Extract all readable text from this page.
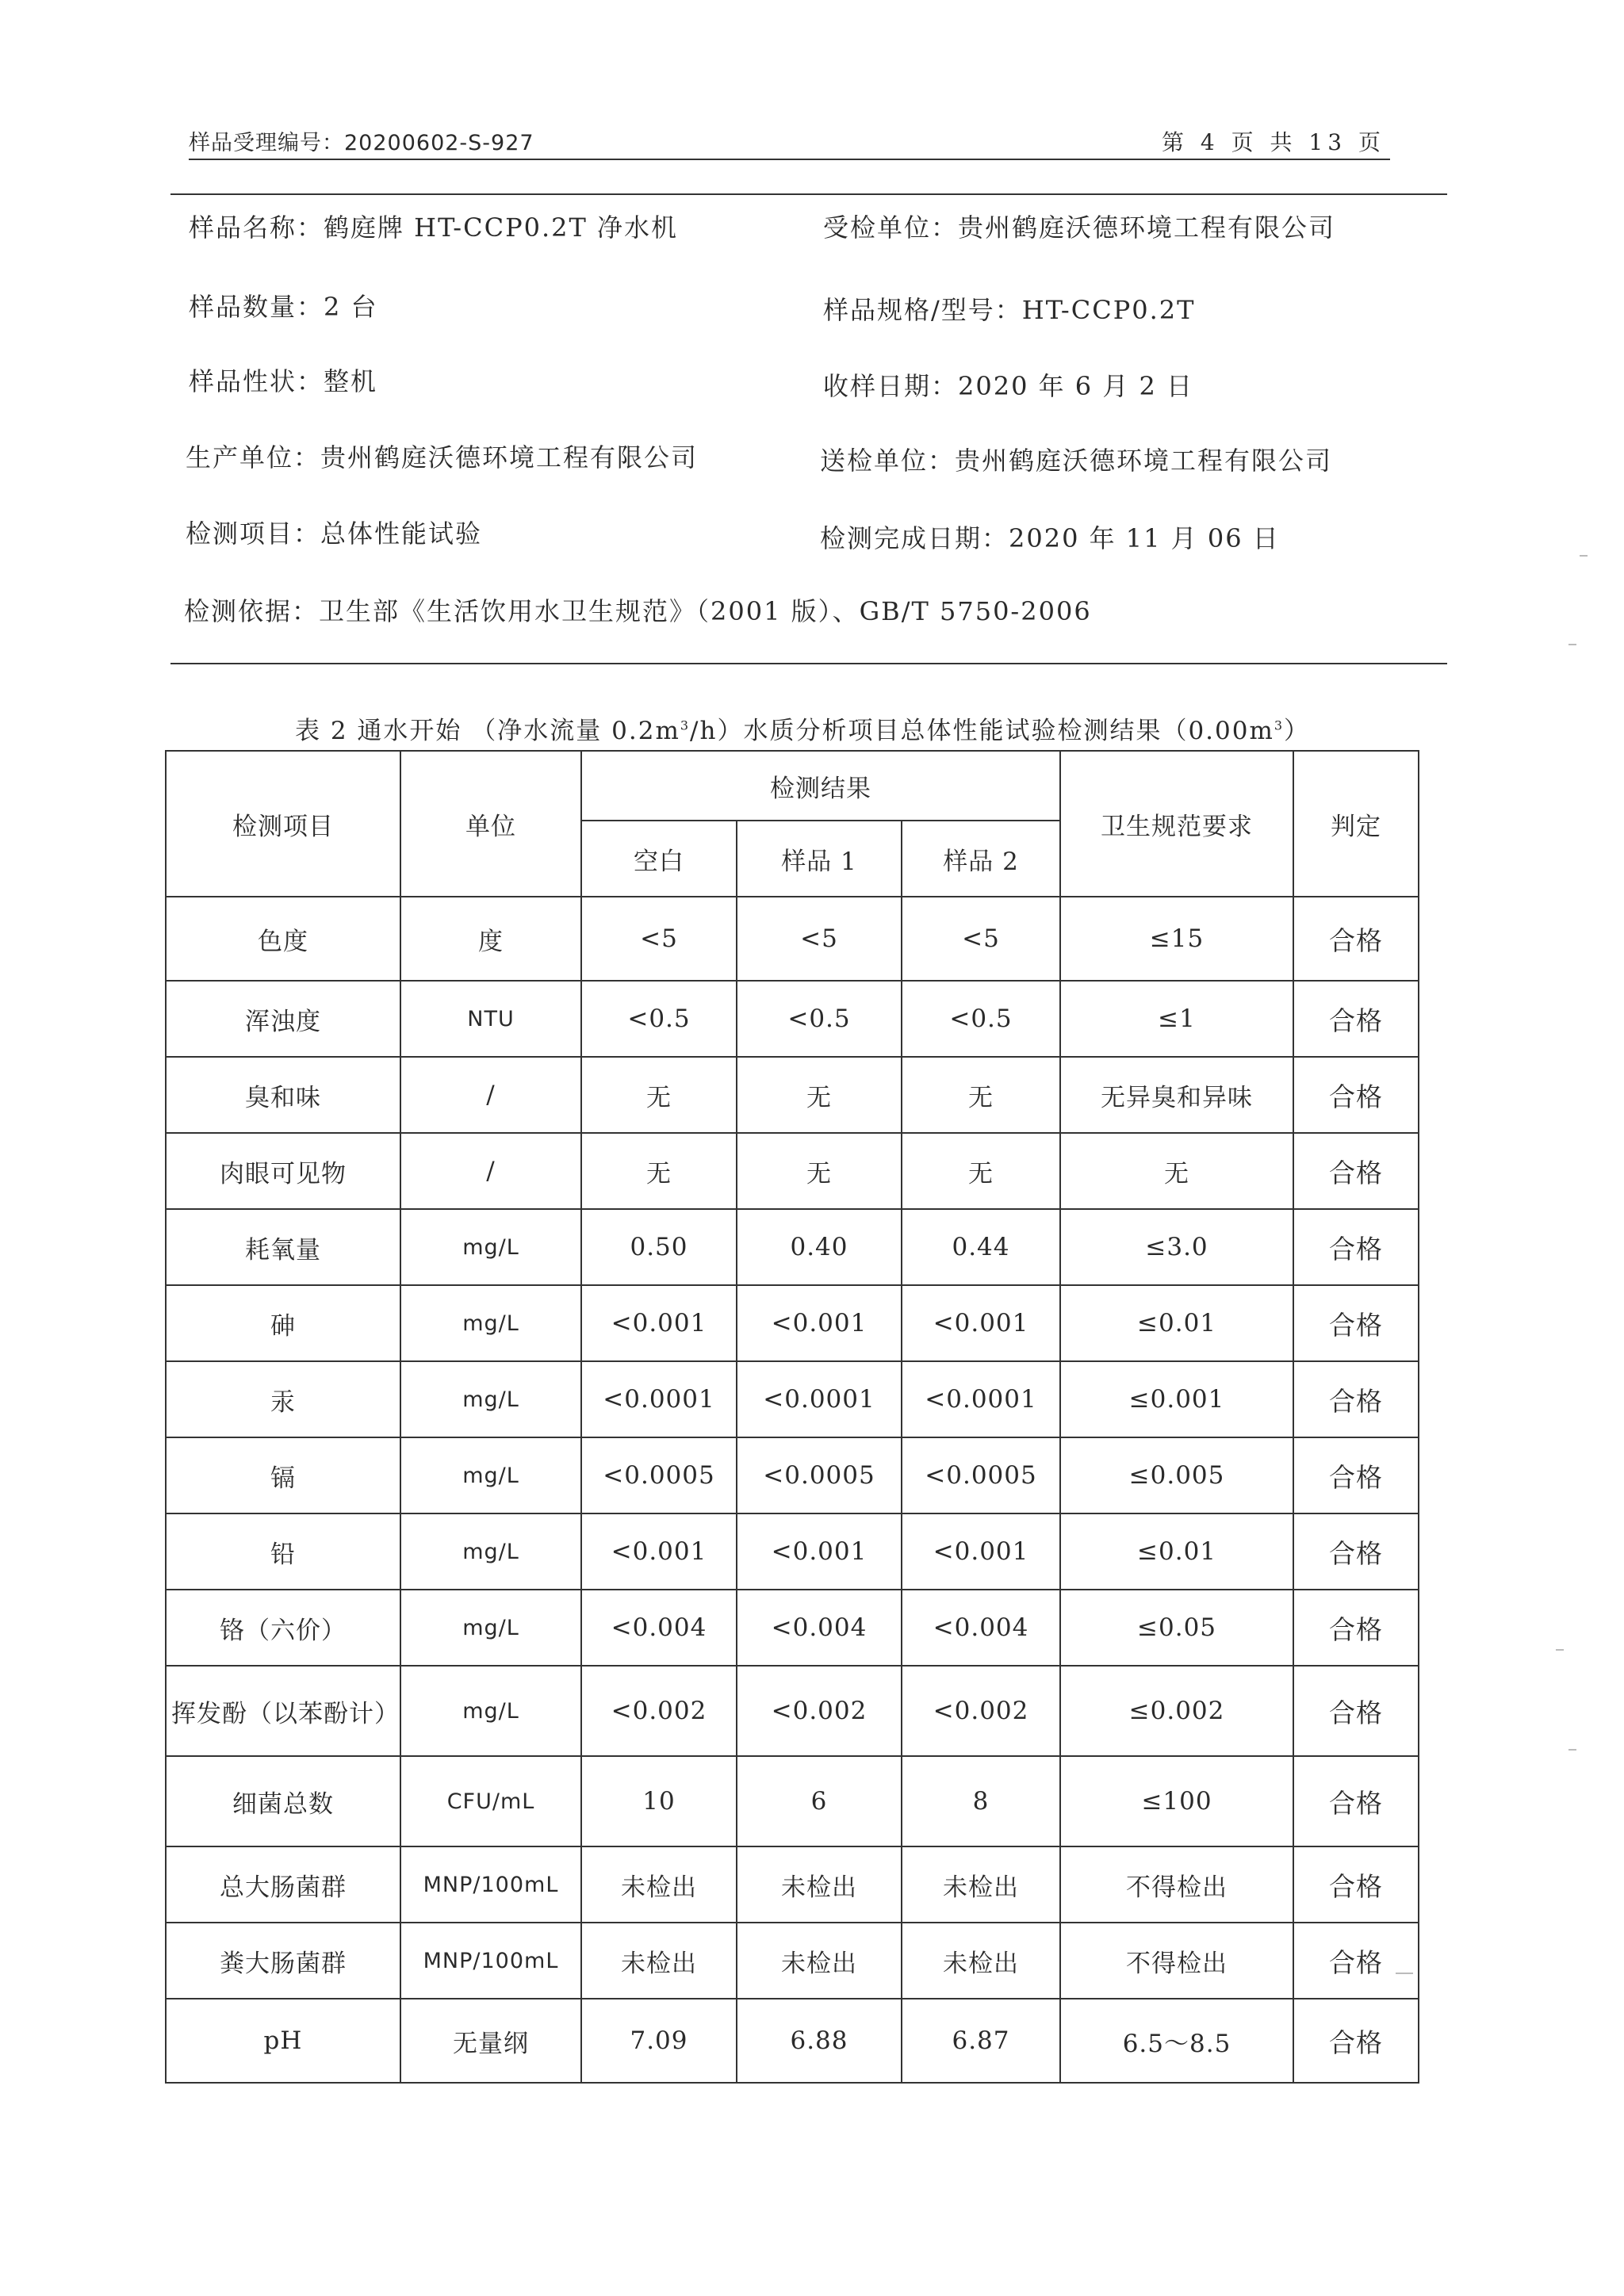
样品受理编号：20200602-S-927	第 4 页 共 13 页
样品名称：鹤庭牌 HT-CCP0.2T 净水机	受检单位：贵州鹤庭沃德环境工程有限公司
样品数量：2 台	样品规格/型号：HT-CCP0.2T
样品性状：整机	收样日期：2020 年 6 月 2 日
生产单位：贵州鹤庭沃德环境工程有限公司	送检单位：贵州鹤庭沃德环境工程有限公司
检测项目：总体性能试验	检测完成日期：2020 年 11 月 06 日
检测依据：卫生部《生活饮用水卫生规范》（2001 版）、GB/T 5750-2006
表 2 通水开始 （净水流量 $0.2m^3/h$）水质分析项目总体性能试验检测结果$(0.00m^3)$
检测项目	单位	检测结果			卫生规范要求	判定
		空白	样品 1	样品 2		
色度	度	<5	<5	<5	≤15	合格
浑浊度	NTU	<0.5	<0.5	<0.5	≤1	合格
臭和味	/	无	无	无	无异臭和异味	合格
肉眼可见物	/	无	无	无	无	合格
耗氧量	mg/L	0.50	0.40	0.44	≤3.0	合格
砷	mg/L	<0.001	<0.001	<0.001	≤0.01	合格
汞	mg/L	<0.0001	<0.0001	<0.0001	≤0.001	合格
镉	mg/L	<0.0005	<0.0005	<0.0005	≤0.005	合格
铅	mg/L	<0.001	<0.001	<0.001	≤0.01	合格
铬（六价）	mg/L	<0.004	<0.004	<0.004	≤0.05	合格
挥发酚（以苯酚计）	mg/L	<0.002	<0.002	<0.002	≤0.002	合格
细菌总数	CFU/mL	10	6	8	≤100	合格
总大肠菌群	MNP/100mL	未检出	未检出	未检出	不得检出	合格
粪大肠菌群	MNP/100mL	未检出	未检出	未检出	不得检出	合格
pH	无量纲	7.09	6.88	6.87	6.5～8.5	合格
